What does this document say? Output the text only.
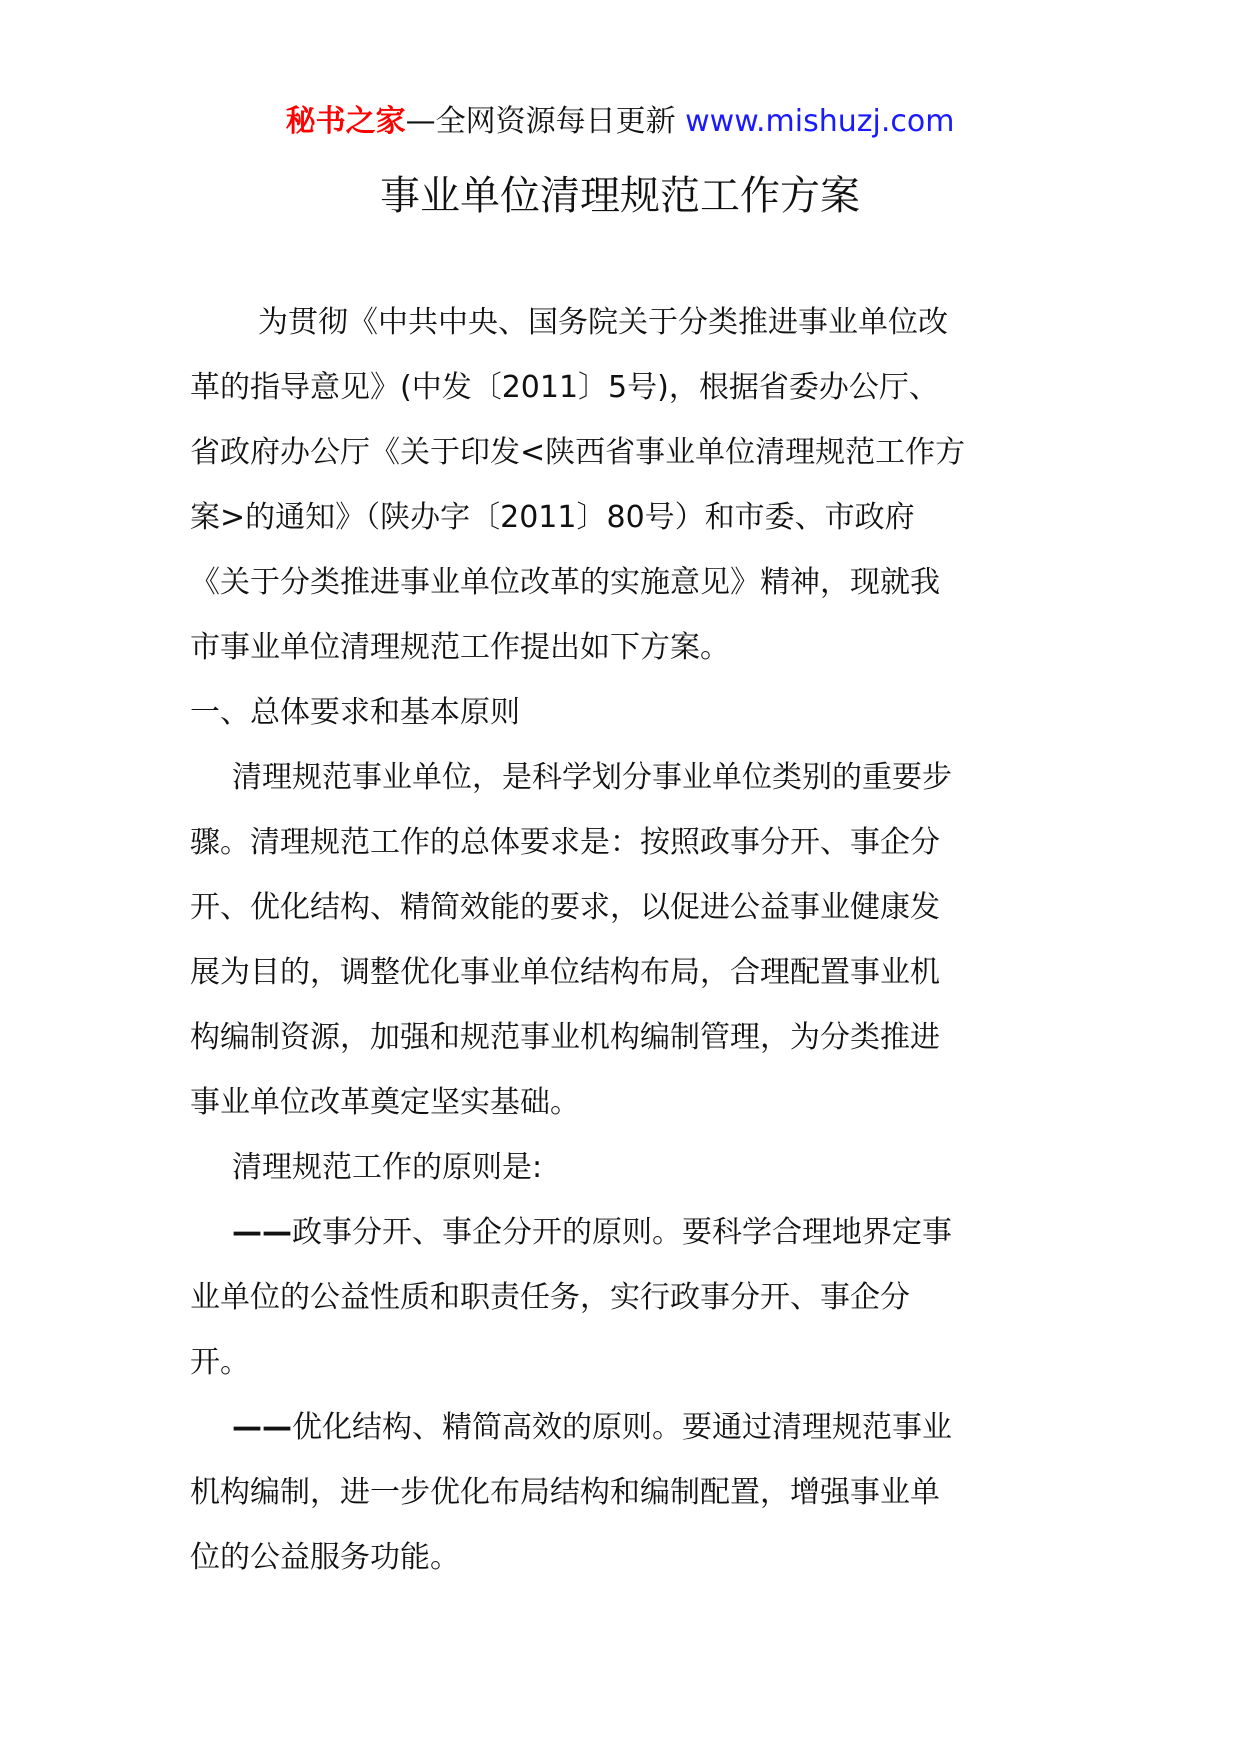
秘书之家—全网资源每日更新 www.mishuzj.com
事业单位清理规范工作方案

为贯彻《中共中央、国务院关于分类推进事业单位改

革的指导意见》(中发〔2011〕5号)，根据省委办公厅、

省政府办公厅《关于印发<陕西省事业单位清理规范工作方

案>的通知》（陕办字〔2011〕80号）和市委、市政府

《关于分类推进事业单位改革的实施意见》精神，现就我

市事业单位清理规范工作提出如下方案。

一、总体要求和基本原则

清理规范事业单位，是科学划分事业单位类别的重要步

骤。清理规范工作的总体要求是：按照政事分开、事企分

开、优化结构、精简效能的要求，以促进公益事业健康发

展为目的，调整优化事业单位结构布局，合理配置事业机

构编制资源，加强和规范事业机构编制管理，为分类推进

事业单位改革奠定坚实基础。

清理规范工作的原则是:

——政事分开、事企分开的原则。要科学合理地界定事

业单位的公益性质和职责任务，实行政事分开、事企分

开。

——优化结构、精简高效的原则。要通过清理规范事业

机构编制，进一步优化布局结构和编制配置，增强事业单

位的公益服务功能。
